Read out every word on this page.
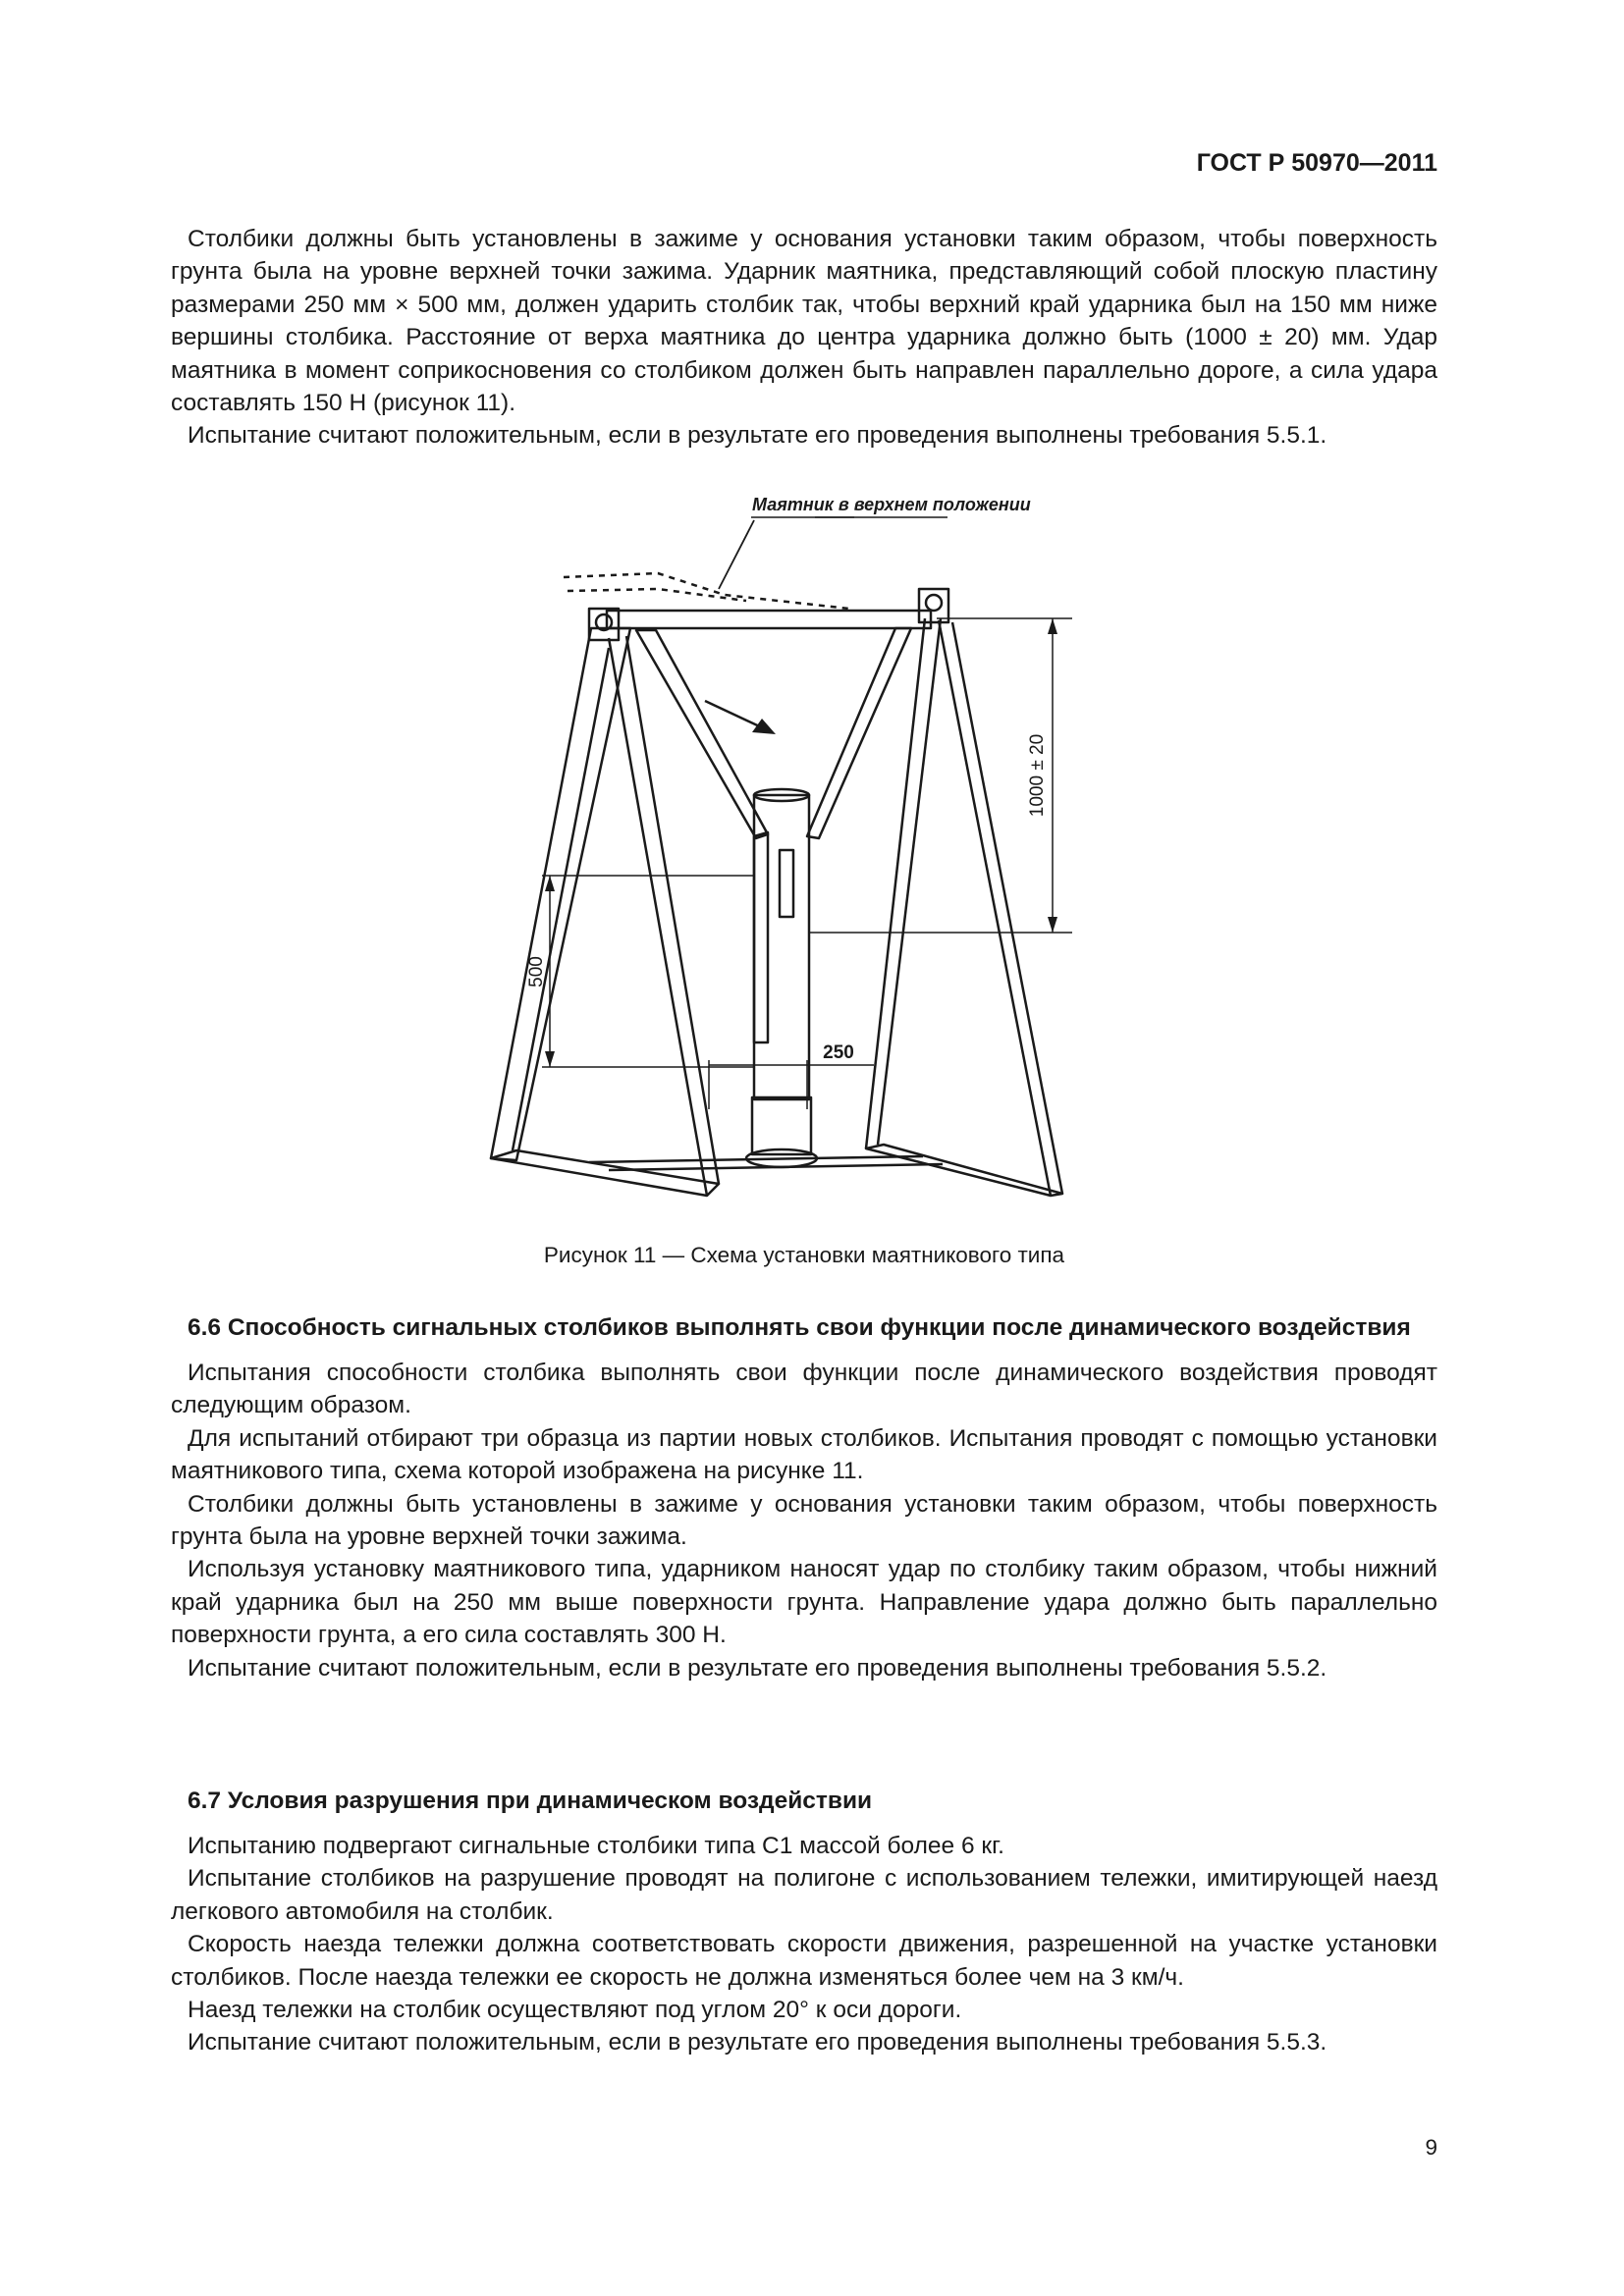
ГОСТ Р 50970—2011

Столбики должны быть установлены в зажиме у основания установки таким образом, чтобы поверхность грунта была на уровне верхней точки зажима. Ударник маятника, представляющий собой плоскую пластину размерами 250 мм × 500 мм, должен ударить столбик так, чтобы верхний край ударника был на 150 мм ниже вершины столбика. Расстояние от верха маятника до центра ударника должно быть (1000 ± 20) мм. Удар маятника в момент соприкосновения со столбиком должен быть направлен параллельно дороге, а сила удара составлять 150 Н (рисунок 11).

Испытание считают положительным, если в результате его проведения выполнены требования 5.5.1.

Маятник в верхнем положении
1000 ± 20
500
250
Рисунок 11 — Схема установки маятникового типа

6.6 Способность сигнальных столбиков выполнять свои функции после динамического воздействия

Испытания способности столбика выполнять свои функции после динамического воздействия проводят следующим образом.

Для испытаний отбирают три образца из партии новых столбиков. Испытания проводят с помощью установки маятникового типа, схема которой изображена на рисунке 11.

Столбики должны быть установлены в зажиме у основания установки таким образом, чтобы поверхность грунта была на уровне верхней точки зажима.

Используя установку маятникового типа, ударником наносят удар по столбику таким образом, чтобы нижний край ударника был на 250 мм выше поверхности грунта. Направление удара должно быть параллельно поверхности грунта, а его сила составлять 300 Н.

Испытание считают положительным, если в результате его проведения выполнены требования 5.5.2.

6.7 Условия разрушения при динамическом воздействии

Испытанию подвергают сигнальные столбики типа С1 массой более 6 кг.

Испытание столбиков на разрушение проводят на полигоне с использованием тележки, имитирующей наезд легкового автомобиля на столбик.

Скорость наезда тележки должна соответствовать скорости движения, разрешенной на участке установки столбиков. После наезда тележки ее скорость не должна изменяться более чем на 3 км/ч.

Наезд тележки на столбик осуществляют под углом 20° к оси дороги.

Испытание считают положительным, если в результате его проведения выполнены требования 5.5.3.

9
